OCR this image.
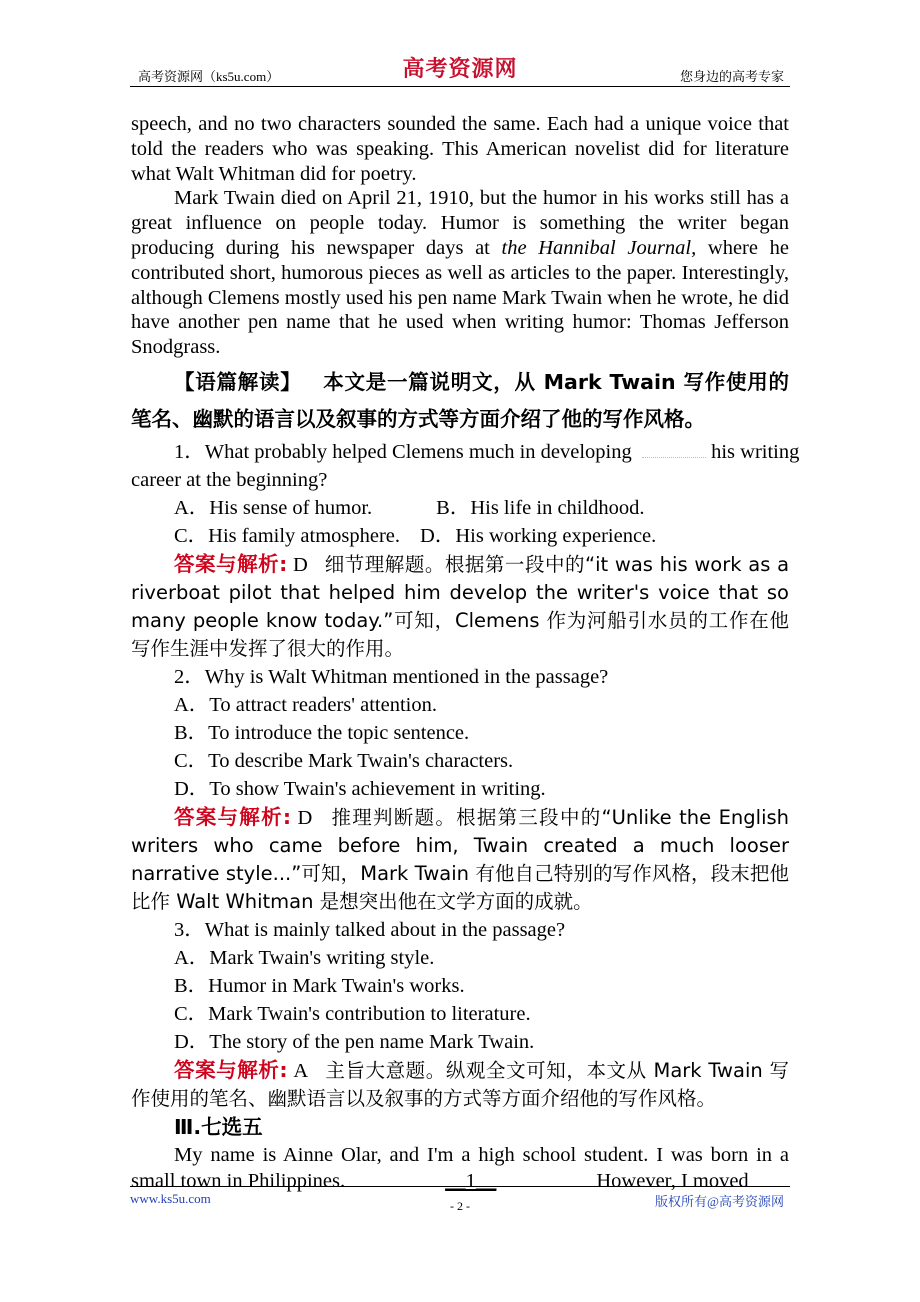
高考资源网（ks5u.com）	高考资源网	您身边的高考专家

speech, and no two characters sounded the same. Each had a unique voice that told the readers who was speaking. This American novelist did for literature what Walt Whitman did for poetry.

Mark Twain died on April 21, 1910, but the humor in his works still has a great influence on people today. Humor is something the writer began producing during his newspaper days at the Hannibal Journal, where he contributed short, humorous pieces as well as articles to the paper. Interestingly, although Clemens mostly used his pen name Mark Twain when he wrote, he did have another pen name that he used when writing humor: Thomas Jefferson Snodgrass.

【语篇解读】 本文是一篇说明文，从 Mark Twain 写作使用的笔名、幽默的语言以及叙事的方式等方面介绍了他的写作风格。

1．What probably helped Clemens much in developing	his writing

career at the beginning?

A．His sense of humor.	B．His life in childhood.

C．His family atmosphere. D．His working experience.

答案与解析: D 细节理解题。根据第一段中的“it was his work as a riverboat pilot that helped him develop the writer's voice that so many people know today.”可知，Clemens 作为河船引水员的工作在他写作生涯中发挥了很大的作用。

2．Why is Walt Whitman mentioned in the passage?

A．To attract readers' attention.

B．To introduce the topic sentence.

C．To describe Mark Twain's characters.

D．To show Twain's achievement in writing.

答案与解析: D 推理判断题。根据第三段中的“Unlike the English writers who came before him, Twain created a much looser narrative style...”可知，Mark Twain 有他自己特别的写作风格，段末把他比作 Walt Whitman 是想突出他在文学方面的成就。

3．What is mainly talked about in the passage?

A．Mark Twain's writing style.

B．Humor in Mark Twain's works.

C．Mark Twain's contribution to literature.

D．The story of the pen name Mark Twain.

答案与解析: A 主旨大意题。纵观全文可知，本文从 Mark Twain 写作使用的笔名、幽默语言以及叙事的方式等方面介绍他的写作风格。

Ⅲ.七选五

My name is Ainne Olar, and I'm a high school student. I was born in a small town in Philippines.	__1__	However, I moved

www.ks5u.com	- 2 -	版权所有@高考资源网
